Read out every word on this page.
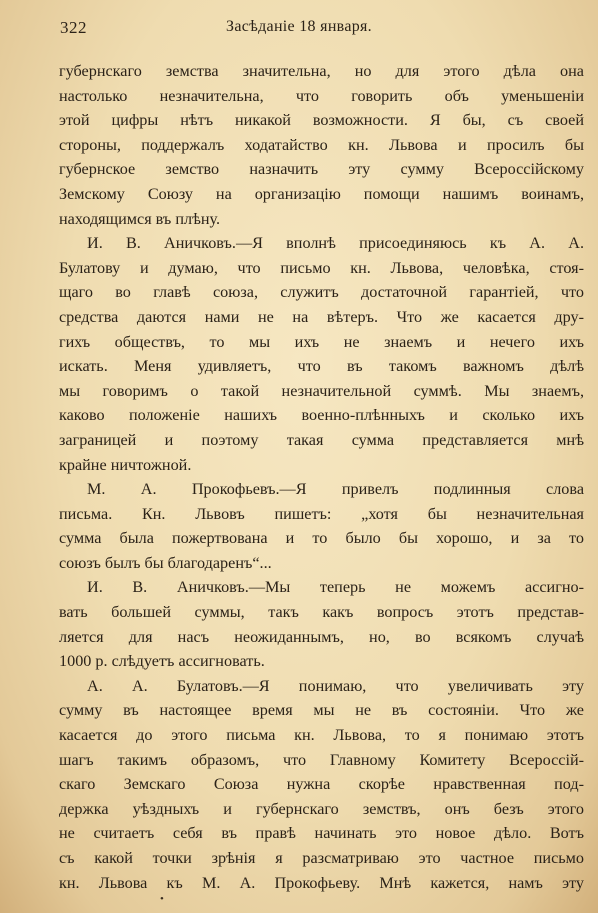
322	Засѣданіе 18 января.
губернскаго земства значительна, но для этого дѣла она
настолько незначительна, что говорить объ уменьшеніи
этой цифры нѣтъ никакой возможности. Я бы, съ своей
стороны, поддержалъ ходатайство кн. Львова и просилъ бы
губернское земство назначить эту сумму Всероссійскому
Земскому Союзу на организацію помощи нашимъ воинамъ,
находящимся въ плѣну.
И. В. Аничковъ.—Я вполнѣ присоединяюсь къ А. А.
Булатову и думаю, что письмо кн. Львова, человѣка, стоя-
щаго во главѣ союза, служитъ достаточной гарантіей, что
средства даются нами не на вѣтеръ. Что же касается дру-
гихъ обществъ, то мы ихъ не знаемъ и нечего ихъ
искать. Меня удивляетъ, что въ такомъ важномъ дѣлѣ
мы говоримъ о такой незначительной суммѣ. Мы знаемъ,
каково положеніе нашихъ военно-плѣнныхъ и сколько ихъ
заграницей и поэтому такая сумма представляется мнѣ
крайне ничтожной.
М. А. Прокофьевъ.—Я привелъ подлинныя слова
письма. Кн. Львовъ пишетъ: „хотя бы незначительная
сумма была пожертвована и то было бы хорошо, и за то
союзъ былъ бы благодаренъ“...
И. В. Аничковъ.—Мы теперь не можемъ ассигно-
вать большей суммы, такъ какъ вопросъ этотъ представ-
ляется для насъ неожиданнымъ, но, во всякомъ случаѣ
1000 р. слѣдуетъ ассигновать.
А. А. Булатовъ.—Я понимаю, что увеличивать эту
сумму въ настоящее время мы не въ состояніи. Что же
касается до этого письма кн. Львова, то я понимаю этотъ
шагъ такимъ образомъ, что Главному Комитету Всероссій-
скаго Земскаго Союза нужна скорѣе нравственная под-
держка уѣздныхъ и губернскаго земствъ, онъ безъ этого
не считаетъ себя въ правѣ начинать это новое дѣло. Вотъ
съ какой точки зрѣнія я разсматриваю это частное письмо
кн. Львова къ М. А. Прокофьеву. Мнѣ кажется, намъ эту
•
